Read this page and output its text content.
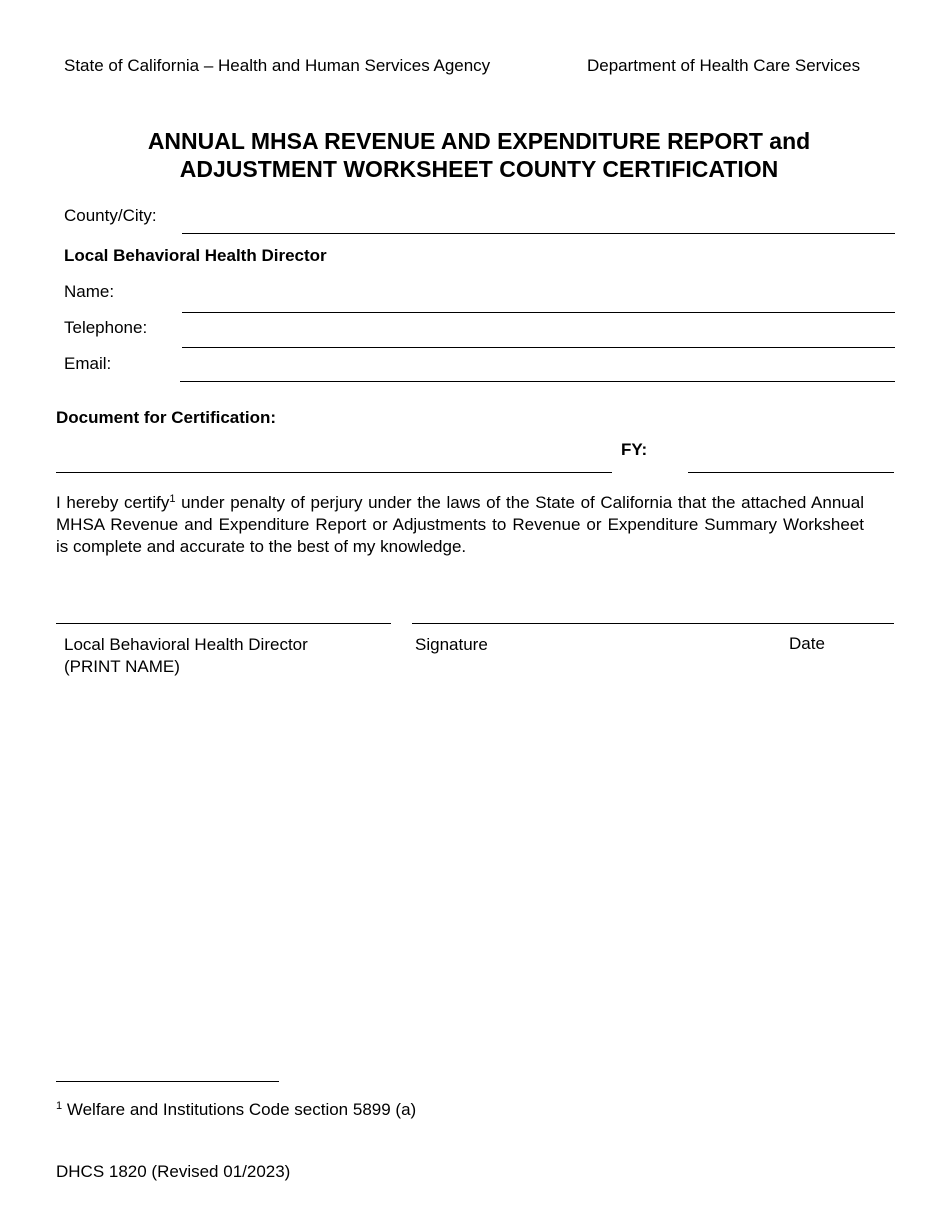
State of California – Health and Human Services Agency	Department of Health Care Services
ANNUAL MHSA REVENUE AND EXPENDITURE REPORT and
ADJUSTMENT WORKSHEET COUNTY CERTIFICATION
County/City:
Local Behavioral Health Director
Name:
Telephone:
Email:
Document for Certification:
FY:
I hereby certify$^1$ under penalty of perjury under the laws of the State of California that the attached Annual MHSA Revenue and Expenditure Report or Adjustments to Revenue or Expenditure Summary Worksheet is complete and accurate to the best of my knowledge.
Local Behavioral Health Director
(PRINT NAME)
Signature	Date
$^1$ Welfare and Institutions Code section 5899 (a)
DHCS 1820 (Revised 01/2023)
